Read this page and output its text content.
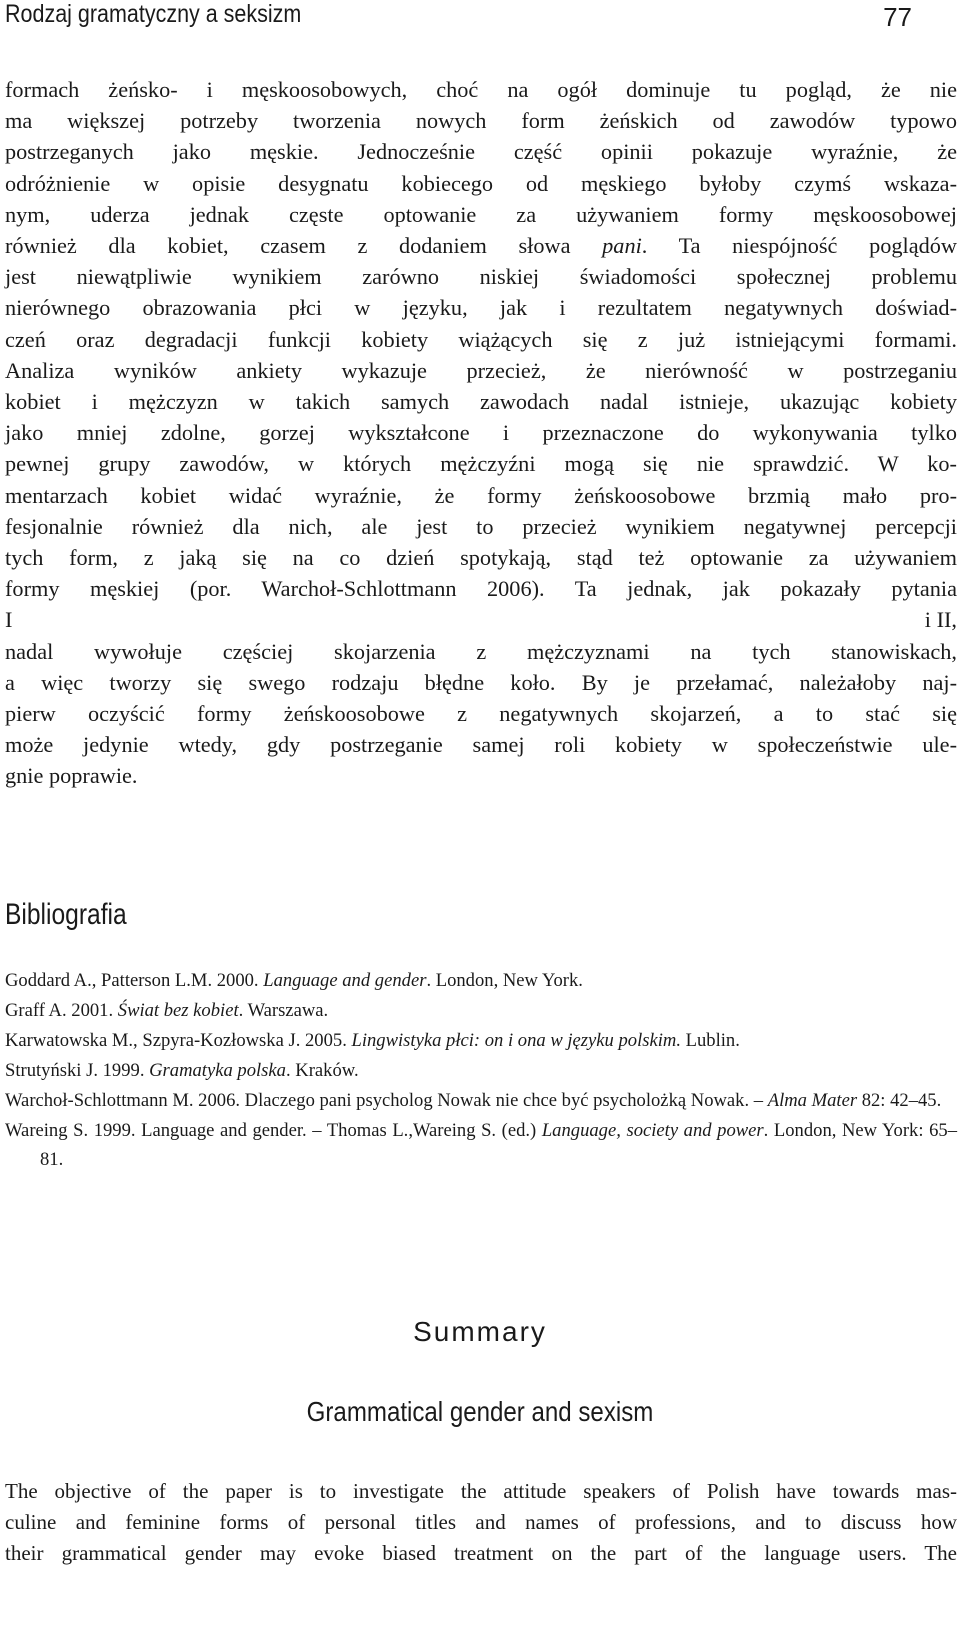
Rodzaj gramatyczny a seksizm	77
formach żeńsko- i męskoosobowych, choć na ogół dominuje tu pogląd, że nie
ma większej potrzeby tworzenia nowych form żeńskich od zawodów typowo
postrzeganych jako męskie. Jednocześnie część opinii pokazuje wyraźnie, że
odróżnienie w opisie desygnatu kobiecego od męskiego byłoby czymś wskaza-
nym, uderza jednak częste optowanie za używaniem formy męskoosobowej
również dla kobiet, czasem z dodaniem słowa pani. Ta niespójność poglądów
jest niewątpliwie wynikiem zarówno niskiej świadomości społecznej problemu
nierównego obrazowania płci w języku, jak i rezultatem negatywnych doświad-
czeń oraz degradacji funkcji kobiety wiążących się z już istniejącymi formami.
Analiza wyników ankiety wykazuje przecież, że nierówność w postrzeganiu
kobiet i mężczyzn w takich samych zawodach nadal istnieje, ukazując kobiety
jako mniej zdolne, gorzej wykształcone i przeznaczone do wykonywania tylko
pewnej grupy zawodów, w których mężczyźni mogą się nie sprawdzić. W ko-
mentarzach kobiet widać wyraźnie, że formy żeńskoosobowe brzmią mało pro-
fesjonalnie również dla nich, ale jest to przecież wynikiem negatywnej percepcji
tych form, z jaką się na co dzień spotykają, stąd też optowanie za używaniem
formy męskiej (por. Warchoł-Schlottmann 2006). Ta jednak, jak pokazały pytania
I	i II,
nadal wywołuje częściej skojarzenia z mężczyznami na tych stanowiskach,
a więc tworzy się swego rodzaju błędne koło. By je przełamać, należałoby naj-
pierw oczyścić formy żeńskoosobowe z negatywnych skojarzeń, a to stać się
może jedynie wtedy, gdy postrzeganie samej roli kobiety w społeczeństwie ule-
gnie poprawie.
Bibliografia
Goddard A., Patterson L.M. 2000. Language and gender. London, New York.
Graff A. 2001. Świat bez kobiet. Warszawa.
Karwatowska M., Szpyra-Kozłowska J. 2005. Lingwistyka płci: on i ona w języku polskim. Lublin.
Strutyński J. 1999. Gramatyka polska. Kraków.
Warchoł-Schlottmann M. 2006. Dlaczego pani psycholog Nowak nie chce być psycholożką Nowak. – Alma Mater 82: 42–45.
Wareing S. 1999. Language and gender. – Thomas L.,Wareing S. (ed.) Language, society and power. London, New York: 65–81.
Summary
Grammatical gender and sexism
The objective of the paper is to investigate the attitude speakers of Polish have towards mas-
culine and feminine forms of personal titles and names of professions, and to discuss how
their grammatical gender may evoke biased treatment on the part of the language users. The
